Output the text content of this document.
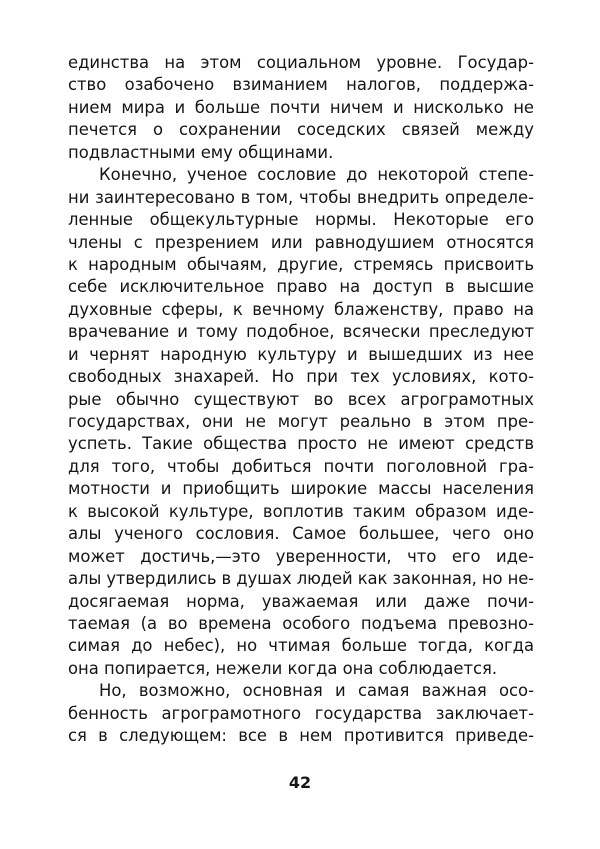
единства на этом социальном уровне. Государ-
ство озабочено взиманием налогов, поддержа-
нием мира и больше почти ничем и нисколько не
печется о сохранении соседских связей между
подвластными ему общинами.
Конечно, ученое сословие до некоторой степе-
ни заинтересовано в том, чтобы внедрить определе-
ленные общекультурные нормы. Некоторые его
члены с презрением или равнодушием относятся
к народным обычаям, другие, стремясь присвоить
себе исключительное право на доступ в высшие
духовные сферы, к вечному блаженству, право на
врачевание и тому подобное, всячески преследуют
и чернят народную культуру и вышедших из нее
свободных знахарей. Но при тех условиях, кото-
рые обычно существуют во всех агрограмотных
государствах, они не могут реально в этом пре-
успеть. Такие общества просто не имеют средств
для того, чтобы добиться почти поголовной гра-
мотности и приобщить широкие массы населения
к высокой культуре, воплотив таким образом иде-
алы ученого сословия. Самое большее, чего оно
может достичь,—это уверенности, что его иде-
алы утвердились в душах людей как законная, но не-
досягаемая норма, уважаемая или даже почи-
таемая (а во времена особого подъема превозно-
симая до небес), но чтимая больше тогда, когда
она попирается, нежели когда она соблюдается.
Но, возможно, основная и самая важная осо-
бенность агрограмотного государства заключает-
ся в следующем: все в нем противится приведе-
42
